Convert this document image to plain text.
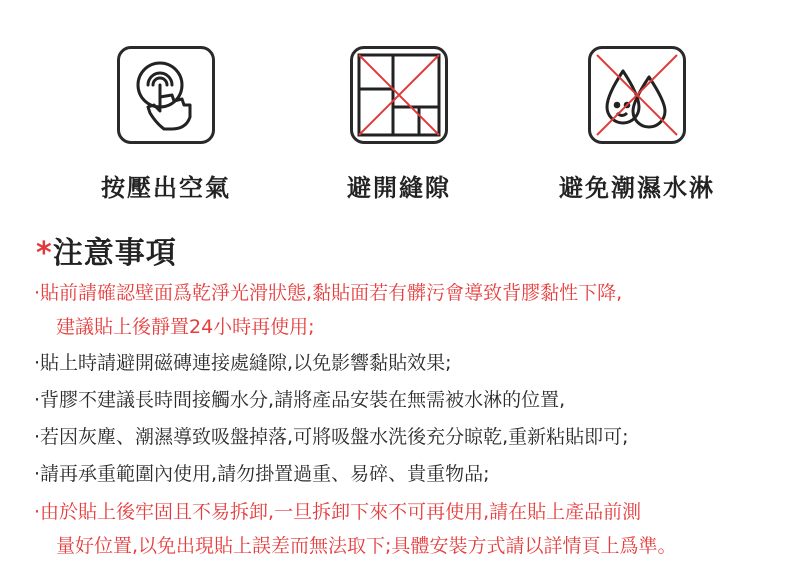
按壓出空氣	避開縫隙	避免潮濕水淋
*注意事項
·貼前請確認壁面爲乾淨光滑狀態,黏貼面若有髒污會導致背膠黏性下降,
建議貼上後靜置24小時再使用;
·貼上時請避開磁磚連接處縫隙,以免影響黏貼效果;
·背膠不建議長時間接觸水分,請將產品安裝在無需被水淋的位置,
·若因灰塵、潮濕導致吸盤掉落,可將吸盤水洗後充分晾乾,重新粘貼即可;
·請再承重範圍內使用,請勿掛置過重、易碎、貴重物品;
·由於貼上後牢固且不易拆卸,一旦拆卸下來不可再使用,請在貼上產品前測
量好位置,以免出現貼上誤差而無法取下;具體安裝方式請以詳情頁上爲準。
